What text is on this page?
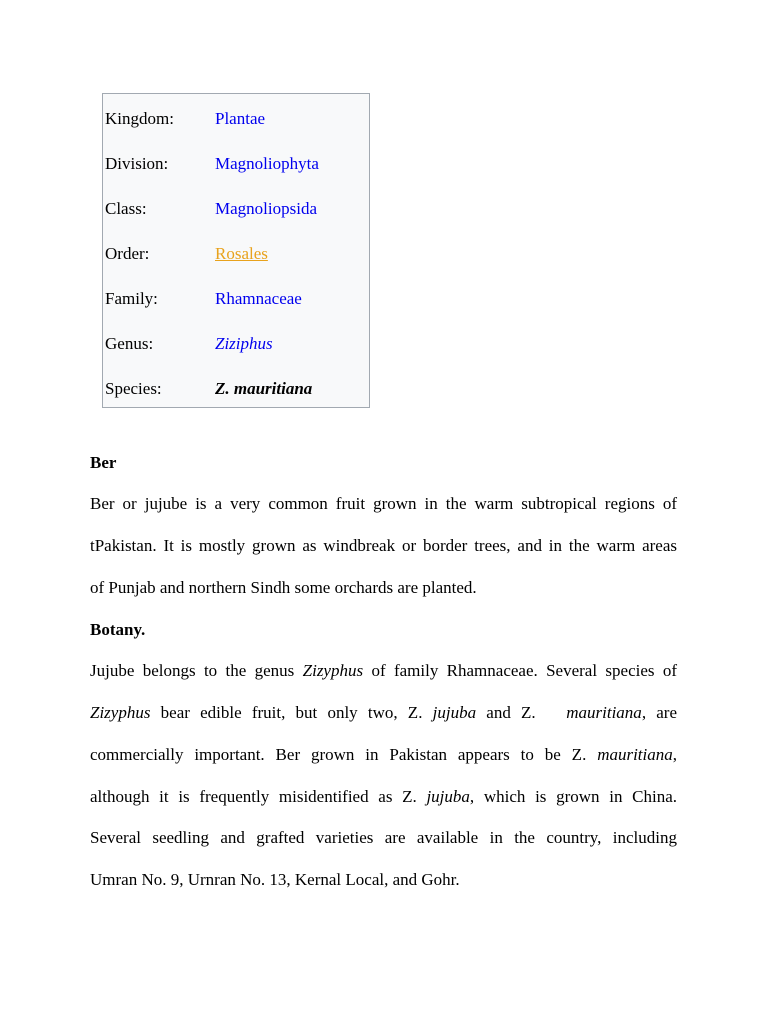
Kingdom: Plantae
Division:	Magnoliophyta
Class:	Magnoliopsida
Order:	Rosales
Family:	Rhamnaceae
Genus:	Ziziphus
Species:	Z. mauritiana
Ber
Ber or jujube is a very common fruit grown in the warm subtropical regions of
tPakistan. It is mostly grown as windbreak or border trees, and in the warm areas
of Punjab and northern Sindh some orchards are planted.
Botany.
Jujube belongs to the genus Zizyphus of family Rhamnaceae. Several species of
Zizyphus bear edible fruit, but only two, Z. jujuba and Z.   mauritiana, are
commercially important. Ber grown in Pakistan appears to be Z. mauritiana,
although it is frequently misidentified as Z. jujuba, which is grown in China.
Several seedling and grafted varieties are available in the country, including
Umran No. 9, Urnran No. 13, Kernal Local, and Gohr.
